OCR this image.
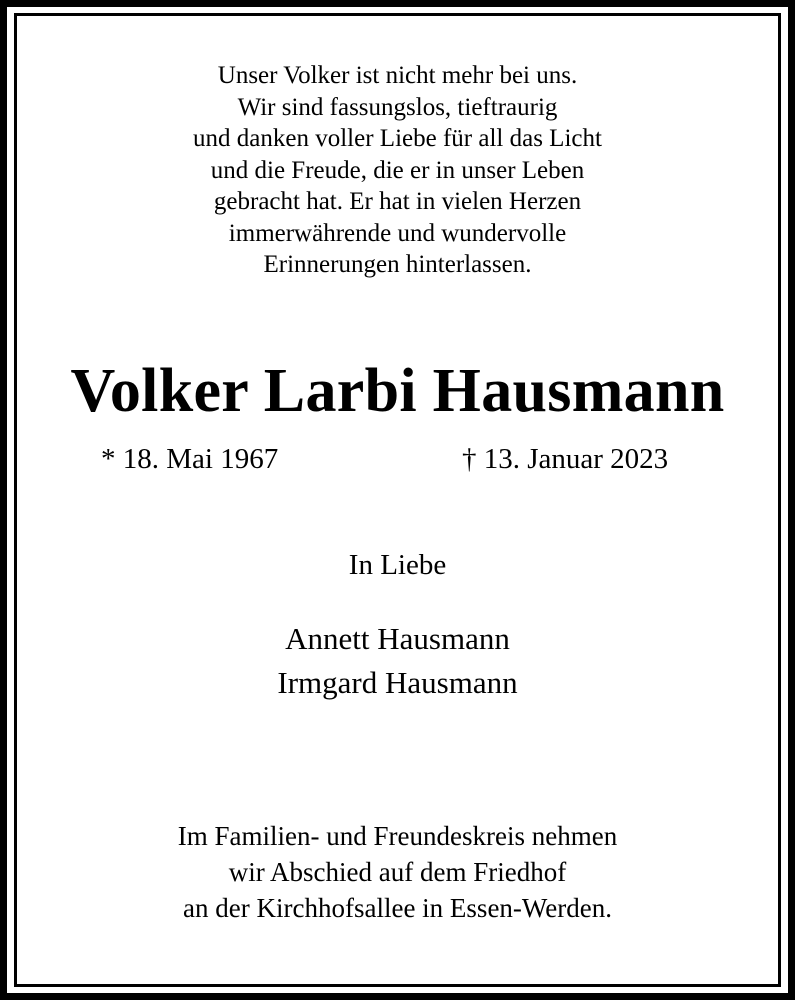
Unser Volker ist nicht mehr bei uns.
Wir sind fassungslos, tieftraurig
und danken voller Liebe für all das Licht
und die Freude, die er in unser Leben
gebracht hat. Er hat in vielen Herzen
immerwährende und wundervolle
Erinnerungen hinterlassen.
Volker Larbi Hausmann
* 18. Mai 1967	† 13. Januar 2023
In Liebe
Annett Hausmann
Irmgard Hausmann
Im Familien- und Freundeskreis nehmen
wir Abschied auf dem Friedhof
an der Kirchhofsallee in Essen-Werden.
